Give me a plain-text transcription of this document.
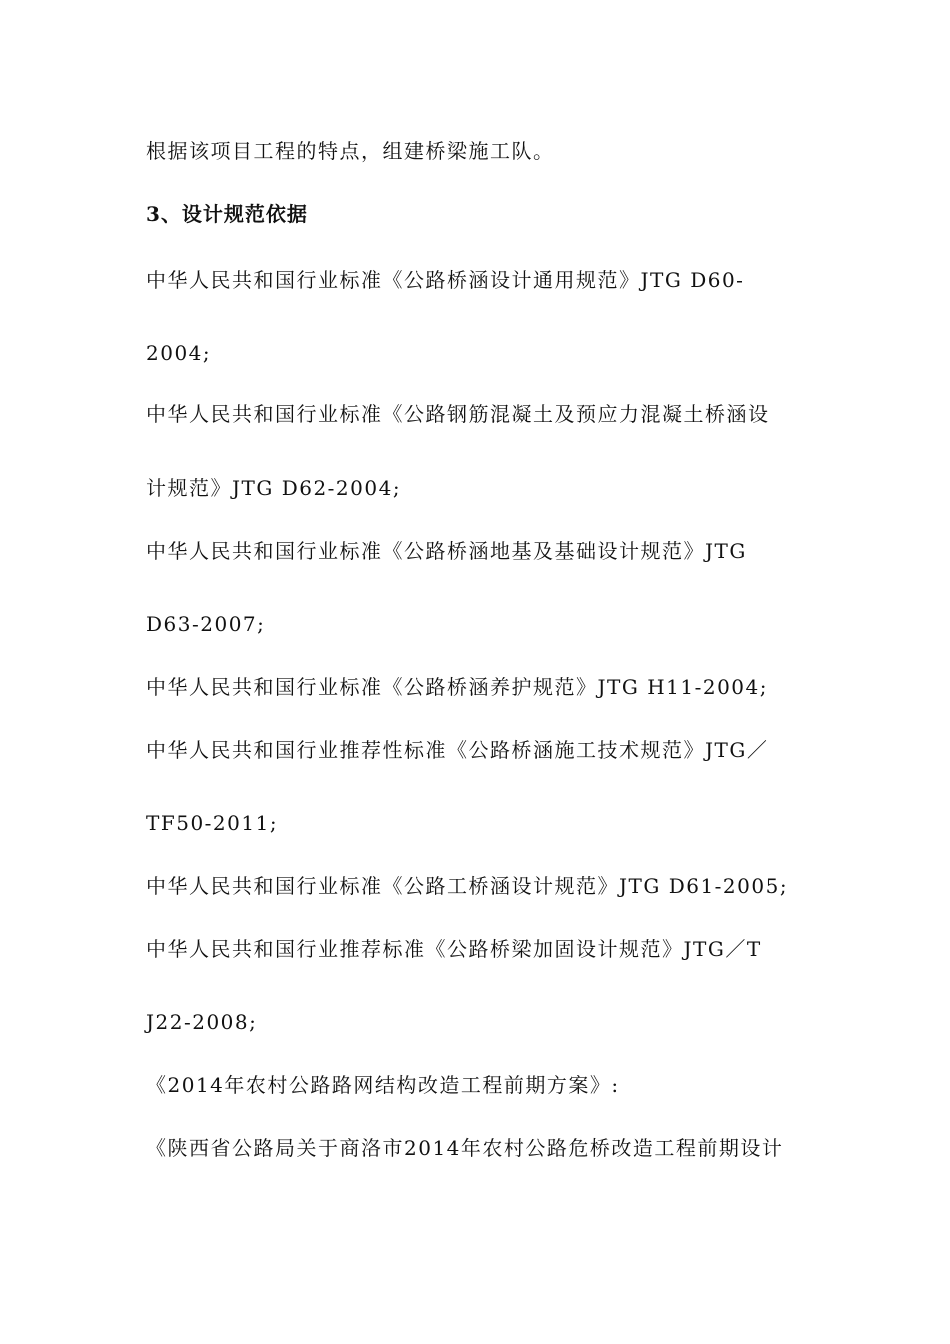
根据该项目工程的特点，组建桥梁施工队。
3、设计规范依据
中华人民共和国行业标准《公路桥涵设计通用规范》JTG D60-
2004;
中华人民共和国行业标准《公路钢筋混凝土及预应力混凝土桥涵设
计规范》JTG D62-2004;
中华人民共和国行业标准《公路桥涵地基及基础设计规范》JTG
D63-2007;
中华人民共和国行业标准《公路桥涵养护规范》JTG H11-2004;
中华人民共和国行业推荐性标准《公路桥涵施工技术规范》JTG／
TF50-2011;
中华人民共和国行业标准《公路工桥涵设计规范》JTG D61-2005;
中华人民共和国行业推荐标准《公路桥梁加固设计规范》JTG／T
J22-2008;
《2014年农村公路路网结构改造工程前期方案》:
《陕西省公路局关于商洛市2014年农村公路危桥改造工程前期设计
